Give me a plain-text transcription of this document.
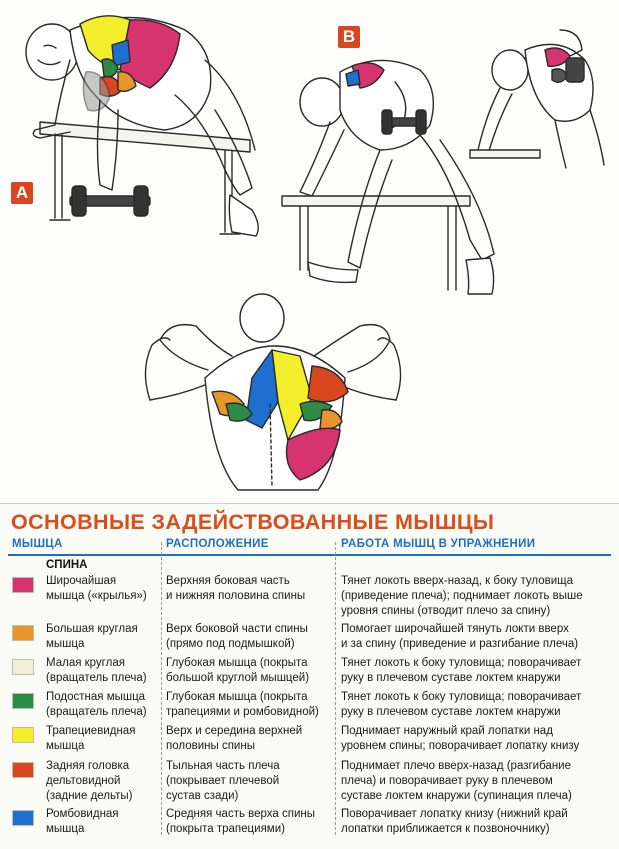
A
B
ОСНОВНЫЕ ЗАДЕЙСТВОВАННЫЕ МЫШЦЫ
МЫШЦА	РАСПОЛОЖЕНИЕ	РАБОТА МЫШЦ В УПРАЖНЕНИИ
СПИНА
Широчайшая
мышца («крылья»)
Верхняя боковая часть
и нижняя половина спины
Тянет локоть вверх-назад, к боку туловища
(приведение плеча); поднимает локоть выше
уровня спины (отводит плечо за спину)
Большая круглая
мышца
Верх боковой части спины
(прямо под подмышкой)
Помогает широчайшей тянуть локти вверх
и за спину (приведение и разгибание плеча)
Малая круглая
(вращатель плеча)
Глубокая мышца (покрыта
большой круглой мышцей)
Тянет локоть к боку туловища; поворачивает
руку в плечевом суставе локтем кнаружи
Подостная мышца
(вращатель плеча)
Глубокая мышца (покрыта
трапециями и ромбовидной)
Тянет локоть к боку туловища; поворачивает
руку в плечевом суставе локтем кнаружи
Трапециевидная
мышца
Верх и середина верхней
половины спины
Поднимает наружный край лопатки над
уровнем спины; поворачивает лопатку книзу
Задняя головка
дельтовидной
(задние дельты)
Тыльная часть плеча
(покрывает плечевой
сустав сзади)
Поднимает плечо вверх-назад (разгибание
плеча) и поворачивает руку в плечевом
суставе локтем кнаружи (супинация плеча)
Ромбовидная
мышца
Средняя часть верха спины
(покрыта трапециями)
Поворачивает лопатку книзу (нижний край
лопатки приближается к позвоночнику)
